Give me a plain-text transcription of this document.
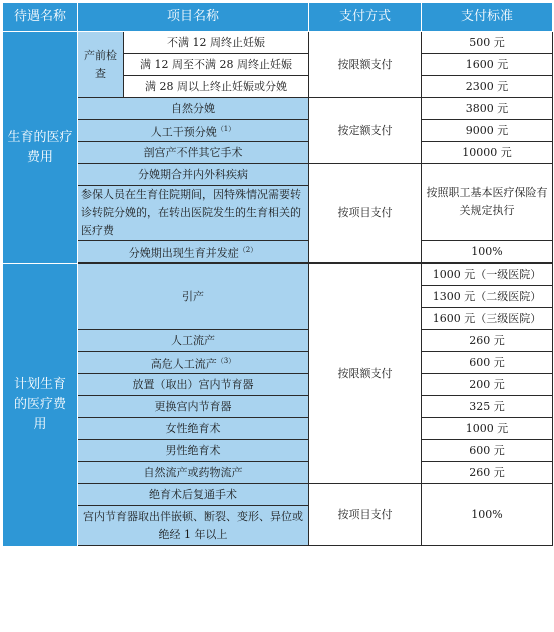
待遇名称	项目名称		支付方式	支付标准
生育的医疗费用	产前检查	不满 12 周终止妊娠	按限额支付	500 元
		满 12 周至不满 28 周终止妊娠		1600 元
		满 28 周以上终止妊娠或分娩		2300 元
	自然分娩		按定额支付	3800 元
	人工干预分娩$^{(1)}$			9000 元
	剖宫产不伴其它手术			10000 元
	分娩期合并内外科疾病		按项目支付	按照职工基本医疗保险有关规定执行
	参保人员在生育住院期间，因特殊情况需要转诊转院分娩的，在转出医院发生的生育相关的医疗费			
	分娩期出现生育并发症$^{(2)}$			100%

计划生育的医疗费用	引产		按限额支付	1000 元（一级医院）
				1300 元（二级医院）
				1600 元（三级医院）
	人工流产			260 元
	高危人工流产$^{(3)}$			600 元
	放置（取出）宫内节育器			200 元
	更换宫内节育器			325 元
	女性绝育术			1000 元
	男性绝育术			600 元
	自然流产或药物流产			260 元
	绝育术后复通手术		按项目支付	100%
	宫内节育器取出伴嵌顿、断裂、变形、异位或绝经 1 年以上			
